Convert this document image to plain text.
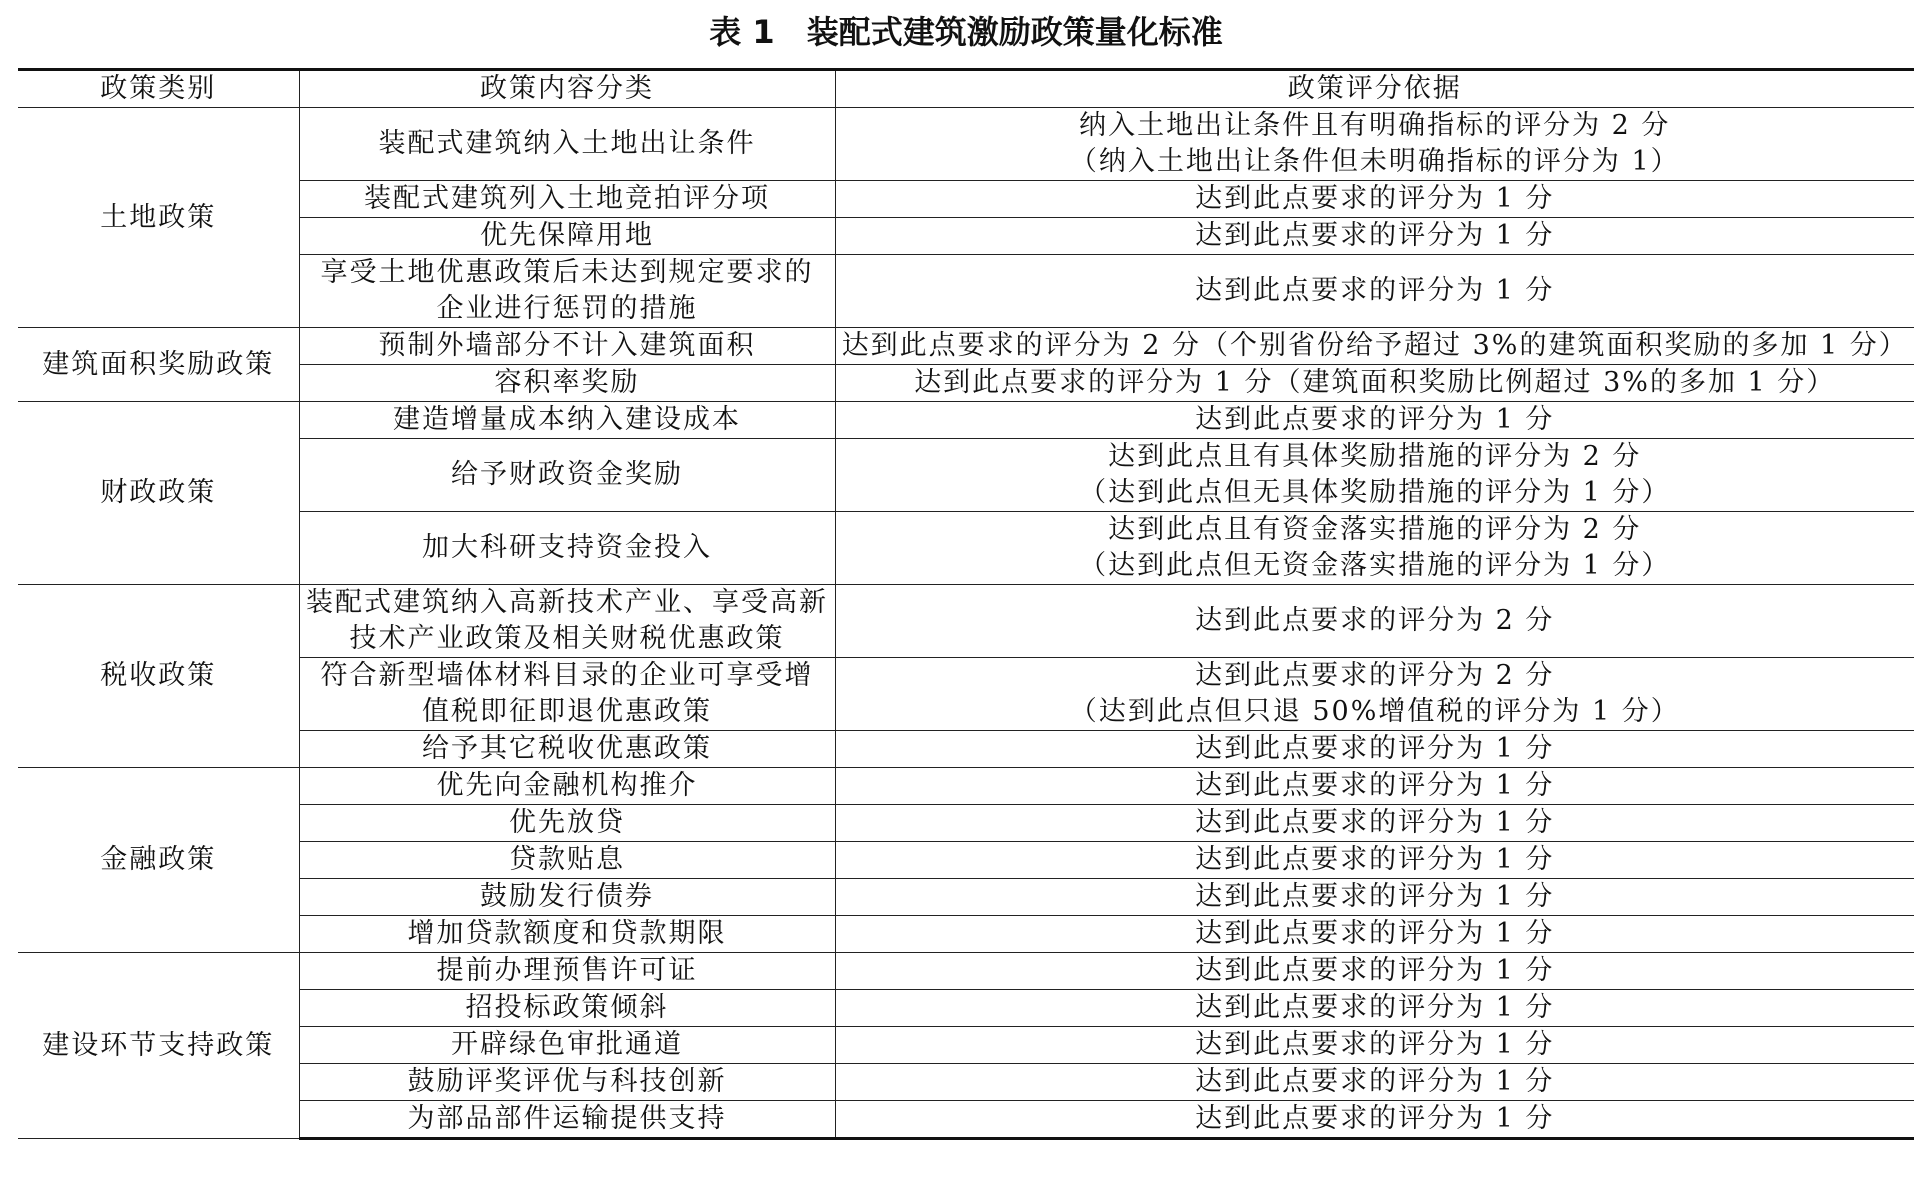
表 1　装配式建筑激励政策量化标准
政策类别	政策内容分类	政策评分依据
土地政策	装配式建筑纳入土地出让条件	纳入土地出让条件且有明确指标的评分为 2 分
（纳入土地出让条件但未明确指标的评分为 1）

	装配式建筑列入土地竞拍评分项	达到此点要求的评分为 1 分
	优先保障用地	达到此点要求的评分为 1 分

	享受土地优惠政策后未达到规定要求的
企业进行惩罚的措施	达到此点要求的评分为 1 分
建筑面积奖励政策	预制外墙部分不计入建筑面积	达到此点要求的评分为 2 分（个别省份给予超过 3%的建筑面积奖励的多加 1 分）
	容积率奖励	达到此点要求的评分为 1 分（建筑面积奖励比例超过 3%的多加 1 分）
财政政策	建造增量成本纳入建设成本	达到此点要求的评分为 1 分
	给予财政资金奖励	达到此点且有具体奖励措施的评分为 2 分
（达到此点但无具体奖励措施的评分为 1 分）

	加大科研支持资金投入	达到此点且有资金落实措施的评分为 2 分
（达到此点但无资金落实措施的评分为 1 分）

税收政策	装配式建筑纳入高新技术产业、享受高新
技术产业政策及相关财税优惠政策	达到此点要求的评分为 2 分

	符合新型墙体材料目录的企业可享受增
值税即征即退优惠政策	达到此点要求的评分为 2 分
（达到此点但只退 50%增值税的评分为 1 分）

	给予其它税收优惠政策	达到此点要求的评分为 1 分
金融政策	优先向金融机构推介	达到此点要求的评分为 1 分
	优先放贷	达到此点要求的评分为 1 分
	贷款贴息	达到此点要求的评分为 1 分
	鼓励发行债券	达到此点要求的评分为 1 分
	增加贷款额度和贷款期限	达到此点要求的评分为 1 分
建设环节支持政策	提前办理预售许可证	达到此点要求的评分为 1 分
	招投标政策倾斜	达到此点要求的评分为 1 分
	开辟绿色审批通道	达到此点要求的评分为 1 分
	鼓励评奖评优与科技创新	达到此点要求的评分为 1 分
	为部品部件运输提供支持	达到此点要求的评分为 1 分
